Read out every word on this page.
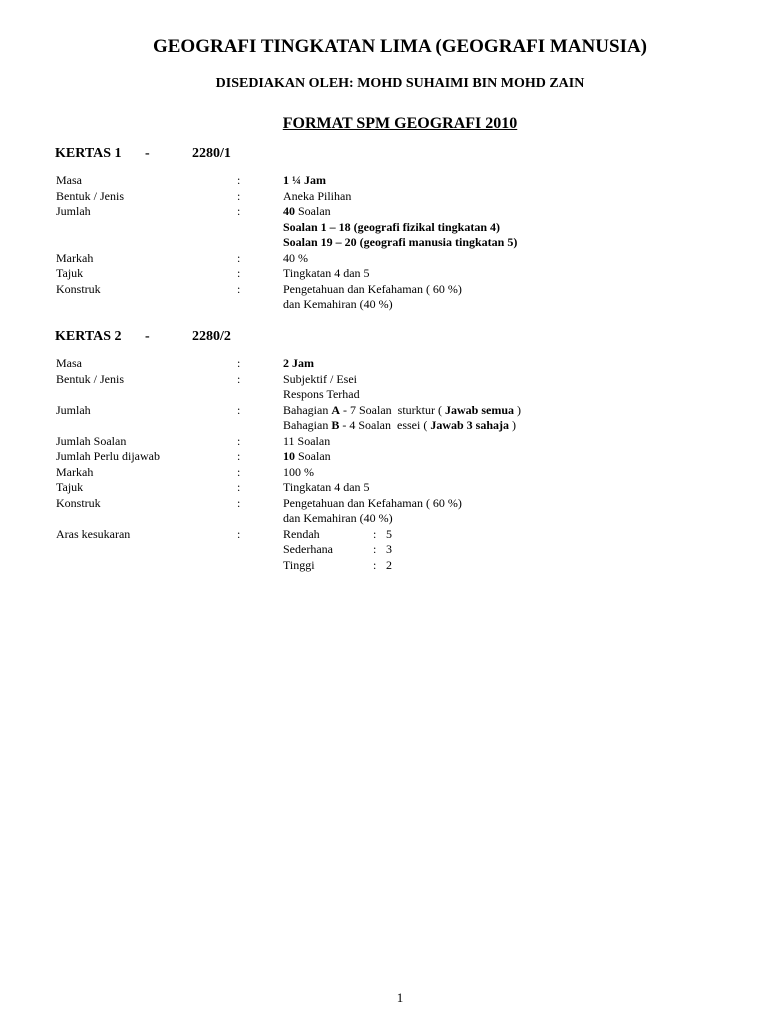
GEOGRAFI TINGKATAN LIMA (GEOGRAFI MANUSIA)
DISEDIAKAN OLEH: MOHD SUHAIMI BIN MOHD ZAIN
FORMAT SPM GEOGRAFI 2010
KERTAS 1 -	2280/1
Masa	:	1 ¼ Jam
Bentuk / Jenis	:	Aneka Pilihan
Jumlah	:	40 Soalan
Soalan 1 – 18 (geografi fizikal tingkatan 4)
Soalan 19 – 20 (geografi manusia tingkatan 5)
Markah	:	40 %
Tajuk	:	Tingkatan 4 dan 5
Konstruk	:	Pengetahuan dan Kefahaman ( 60 %)
dan Kemahiran (40 %)
KERTAS 2 -	2280/2
Masa	:	2 Jam
Bentuk / Jenis	:	Subjektif / Esei
Respons Terhad
Jumlah	:	Bahagian A - 7 Soalan  sturktur ( Jawab semua )
Bahagian B - 4 Soalan  essei ( Jawab 3 sahaja )
Jumlah Soalan	:	11 Soalan
Jumlah Perlu dijawab	:	10 Soalan
Markah	:	100 %
Tajuk	:	Tingkatan 4 dan 5
Konstruk	:	Pengetahuan dan Kefahaman ( 60 %)
dan Kemahiran (40 %)
Aras kesukaran	:	Rendah	: 5
Sederhana	: 3
Tinggi	: 2
1
